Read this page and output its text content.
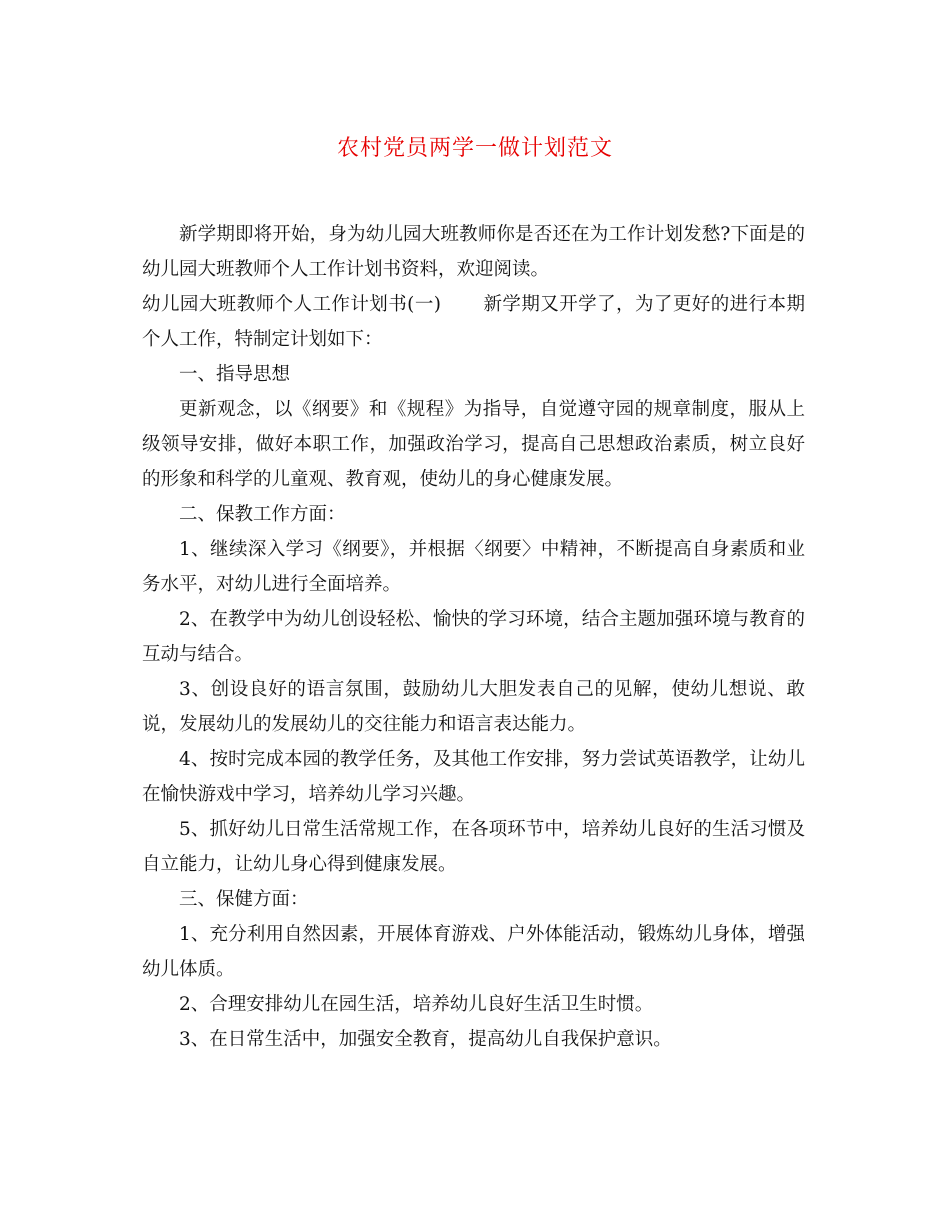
农村党员两学一做计划范文

新学期即将开始，身为幼儿园大班教师你是否还在为工作计划发愁?下面是的幼儿园大班教师个人工作计划书资料，欢迎阅读。

幼儿园大班教师个人工作计划书(一) 新学期又开学了，为了更好的进行本期个人工作，特制定计划如下：

一、指导思想

更新观念，以《纲要》和《规程》为指导，自觉遵守园的规章制度，服从上级领导安排，做好本职工作，加强政治学习，提高自己思想政治素质，树立良好的形象和科学的儿童观、教育观，使幼儿的身心健康发展。

二、保教工作方面：

1、继续深入学习《纲要》，并根据〈纲要〉中精神，不断提高自身素质和业务水平，对幼儿进行全面培养。

2、在教学中为幼儿创设轻松、愉快的学习环境，结合主题加强环境与教育的互动与结合。

3、创设良好的语言氛围，鼓励幼儿大胆发表自己的见解，使幼儿想说、敢说，发展幼儿的发展幼儿的交往能力和语言表达能力。

4、按时完成本园的教学任务，及其他工作安排，努力尝试英语教学，让幼儿在愉快游戏中学习，培养幼儿学习兴趣。

5、抓好幼儿日常生活常规工作，在各项环节中，培养幼儿良好的生活习惯及自立能力，让幼儿身心得到健康发展。

三、保健方面：

1、充分利用自然因素，开展体育游戏、户外体能活动，锻炼幼儿身体，增强幼儿体质。

2、合理安排幼儿在园生活，培养幼儿良好生活卫生时惯。

3、在日常生活中，加强安全教育，提高幼儿自我保护意识。
